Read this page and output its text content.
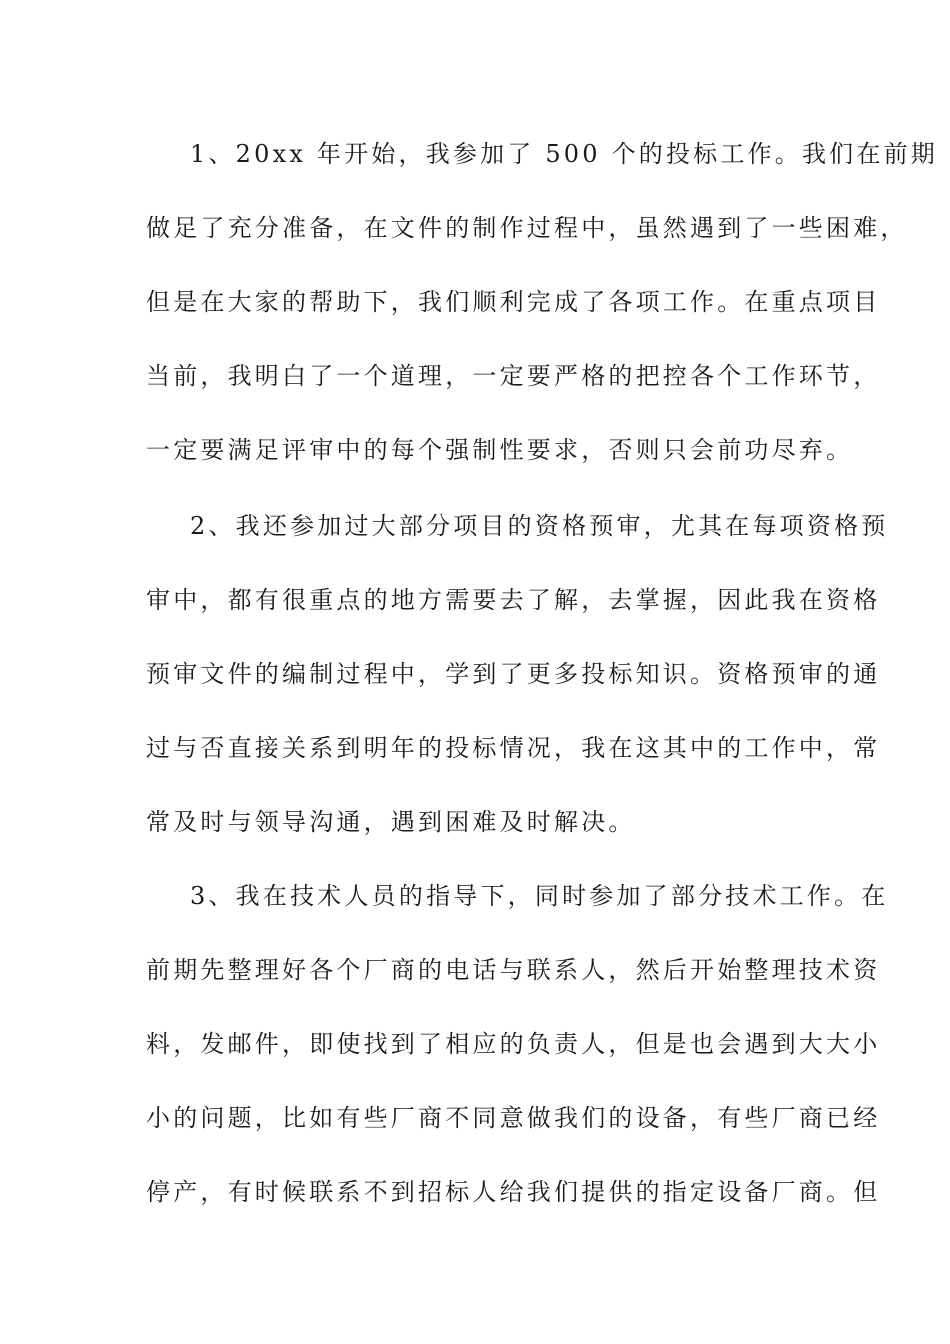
1、20xx 年开始，我参加了 500 个的投标工作。我们在前期
做足了充分准备，在文件的制作过程中，虽然遇到了一些困难，
但是在大家的帮助下，我们顺利完成了各项工作。在重点项目
当前，我明白了一个道理，一定要严格的把控各个工作环节，
一定要满足评审中的每个强制性要求，否则只会前功尽弃。
2、我还参加过大部分项目的资格预审，尤其在每项资格预
审中，都有很重点的地方需要去了解，去掌握，因此我在资格
预审文件的编制过程中，学到了更多投标知识。资格预审的通
过与否直接关系到明年的投标情况，我在这其中的工作中，常
常及时与领导沟通，遇到困难及时解决。
3、我在技术人员的指导下，同时参加了部分技术工作。在
前期先整理好各个厂商的电话与联系人，然后开始整理技术资
料，发邮件，即使找到了相应的负责人，但是也会遇到大大小
小的问题，比如有些厂商不同意做我们的设备，有些厂商已经
停产，有时候联系不到招标人给我们提供的指定设备厂商。但
